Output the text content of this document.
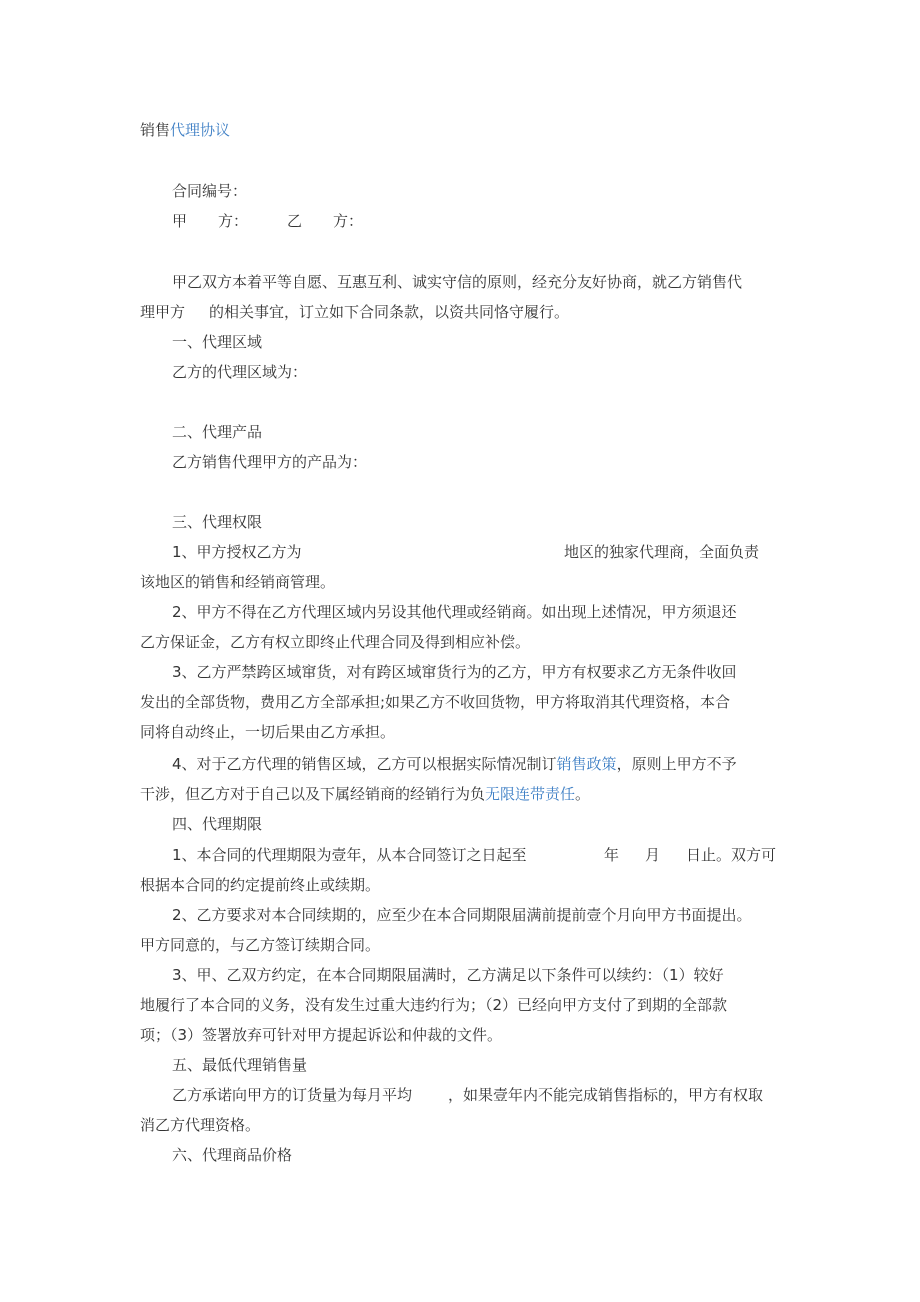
销售代理协议
合同编号：
甲 方：	乙 方：
甲乙双方本着平等自愿、互惠互利、诚实守信的原则，经充分友好协商，就乙方销售代
理甲方 的相关事宜，订立如下合同条款，以资共同恪守履行。
一、代理区域
乙方的代理区域为：
二、代理产品
乙方销售代理甲方的产品为：
三、代理权限
1、甲方授权乙方为	地区的独家代理商，全面负责
该地区的销售和经销商管理。
2、甲方不得在乙方代理区域内另设其他代理或经销商。如出现上述情况，甲方须退还
乙方保证金，乙方有权立即终止代理合同及得到相应补偿。
3、乙方严禁跨区域窜货，对有跨区域窜货行为的乙方，甲方有权要求乙方无条件收回
发出的全部货物，费用乙方全部承担;如果乙方不收回货物，甲方将取消其代理资格，本合
同将自动终止，一切后果由乙方承担。
4、对于乙方代理的销售区域，乙方可以根据实际情况制订销售政策，原则上甲方不予
干涉，但乙方对于自己以及下属经销商的经销行为负无限连带责任。
四、代理期限
1、本合同的代理期限为壹年，从本合同签订之日起至	年 月 日止。双方可
根据本合同的约定提前终止或续期。
2、乙方要求对本合同续期的，应至少在本合同期限届满前提前壹个月向甲方书面提出。
甲方同意的，与乙方签订续期合同。
3、甲、乙双方约定，在本合同期限届满时，乙方满足以下条件可以续约：（1）较好
地履行了本合同的义务，没有发生过重大违约行为；（2）已经向甲方支付了到期的全部款
项；（3）签署放弃可针对甲方提起诉讼和仲裁的文件。
五、最低代理销售量
乙方承诺向甲方的订货量为每月平均 ，如果壹年内不能完成销售指标的，甲方有权取
消乙方代理资格。
六、代理商品价格
